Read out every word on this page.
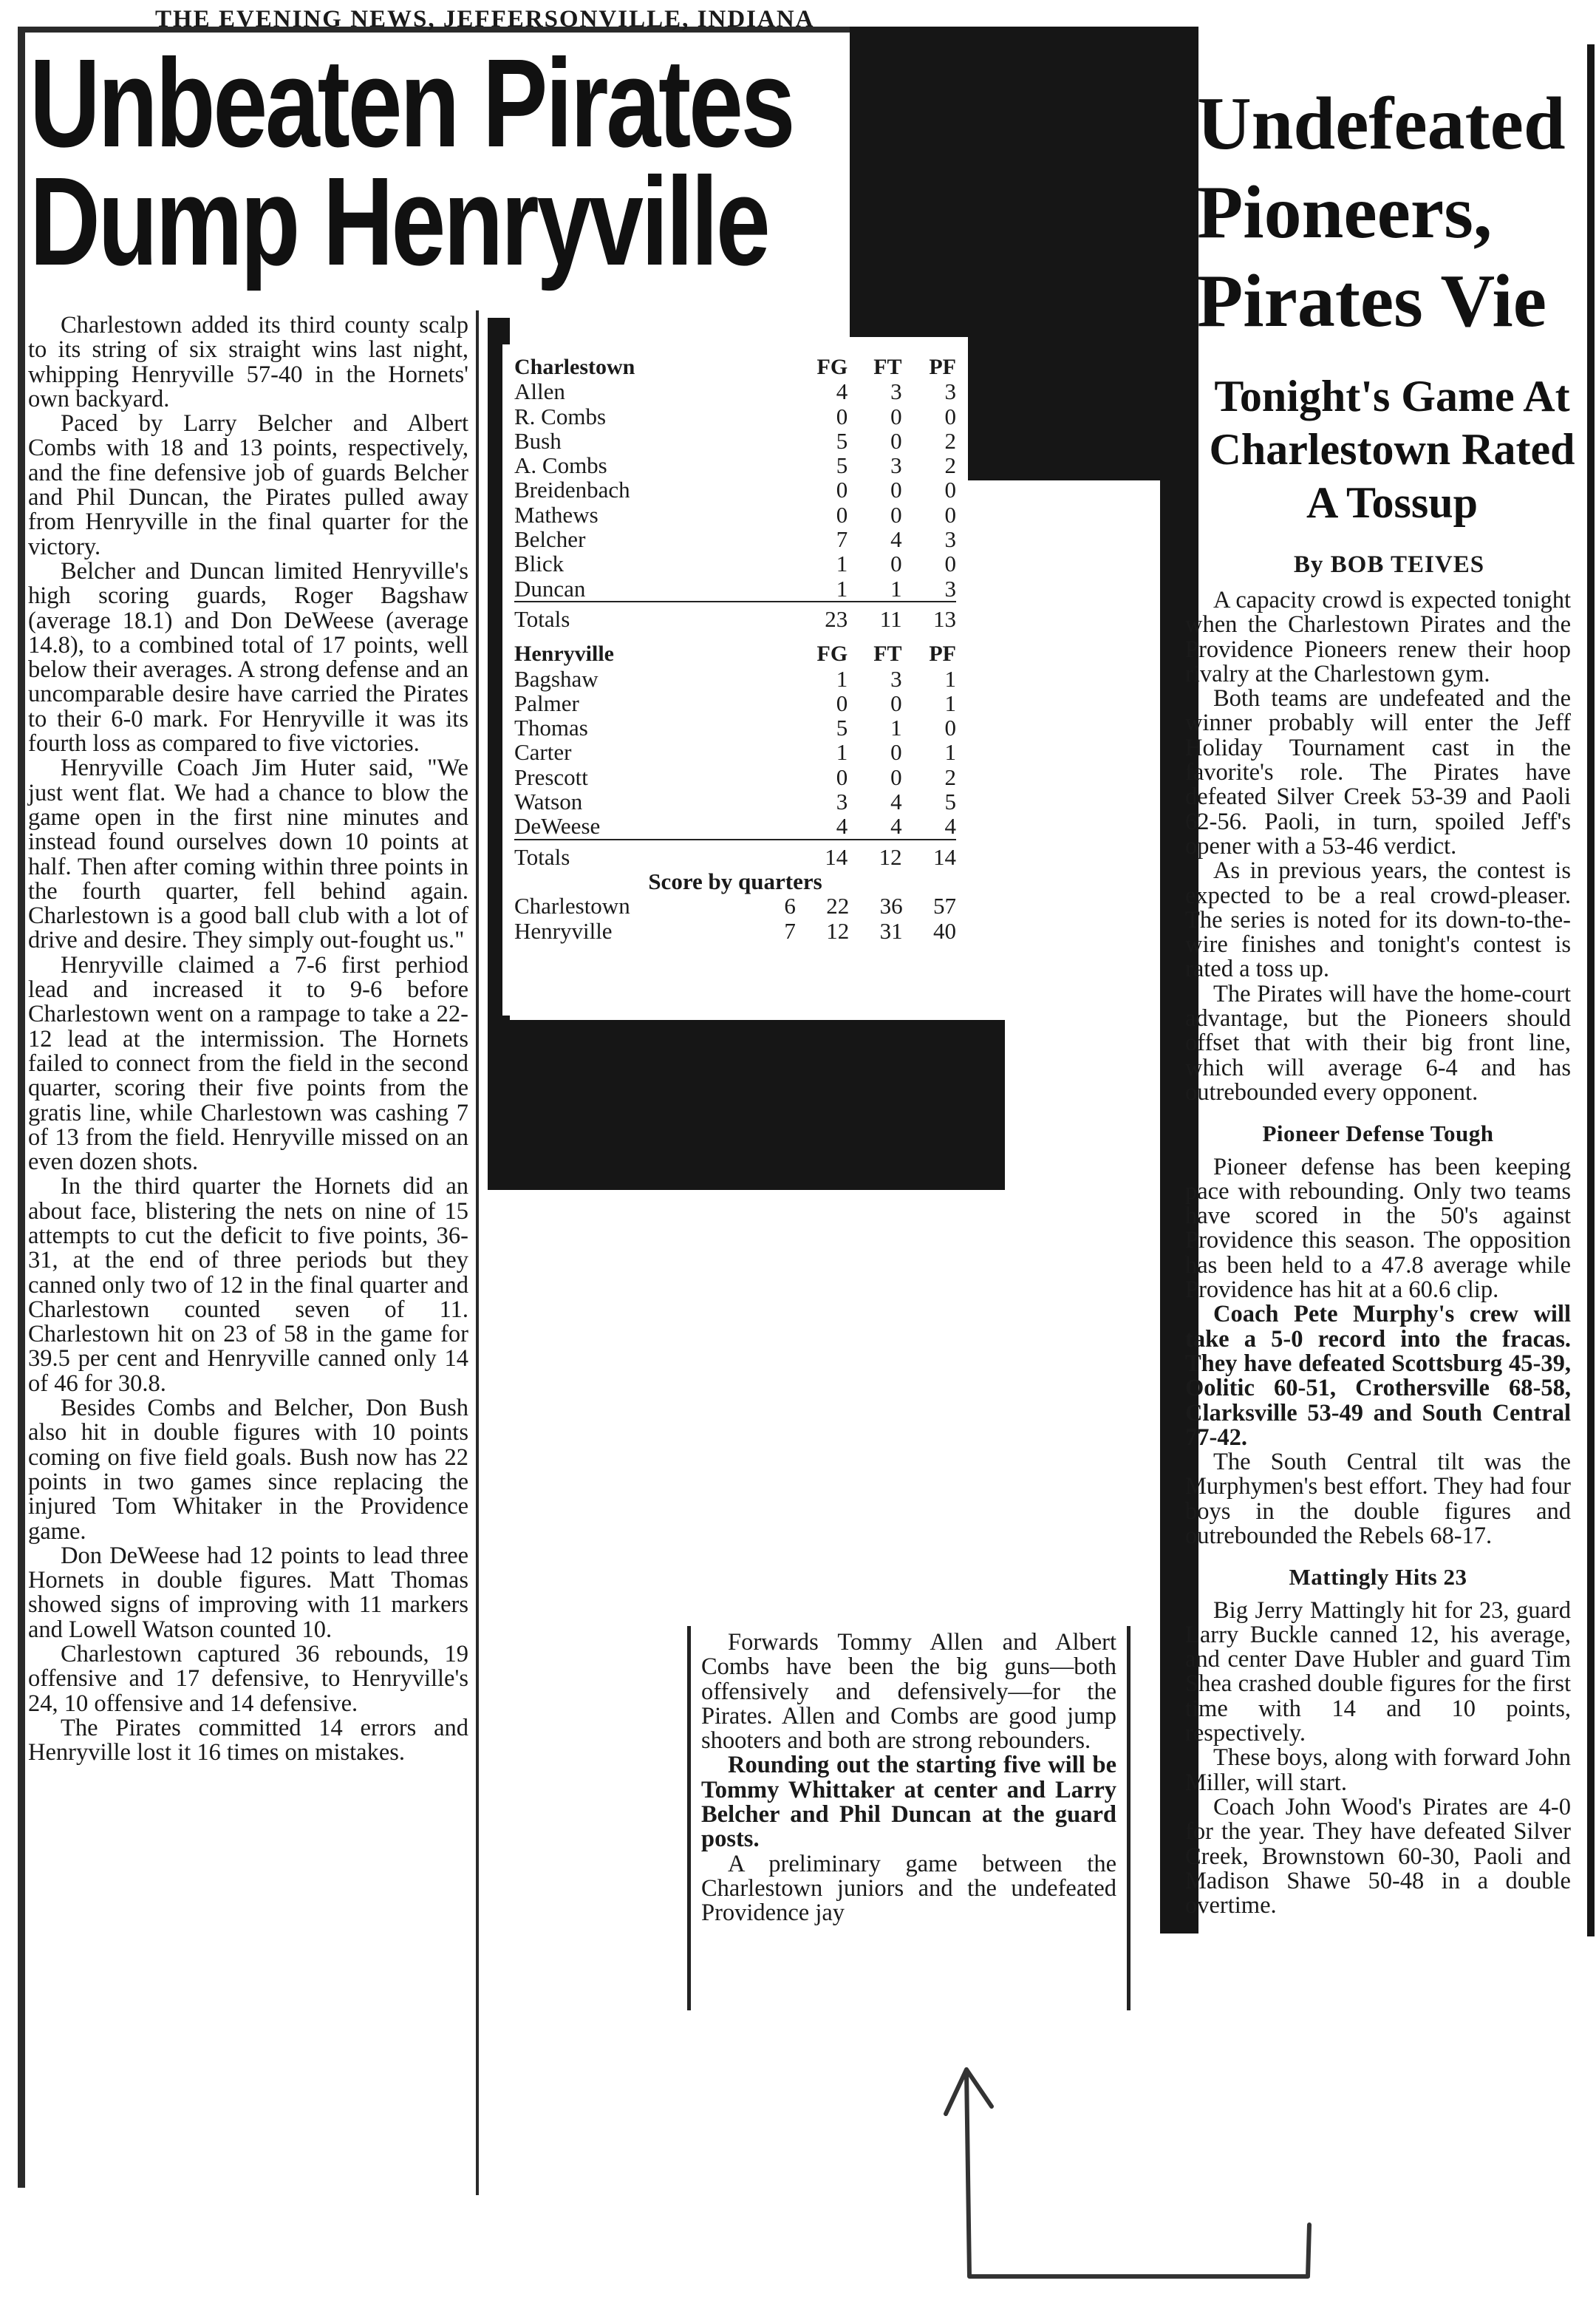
THE EVENING NEWS, JEFFERSONVILLE, INDIANA
Unbeaten Pirates
Dump Henryville

Charlestown added its third county scalp to its string of six straight wins last night, whipping Henryville 57-40 in the Hornets' own backyard.

Paced by Larry Belcher and Albert Combs with 18 and 13 points, respectively, and the fine defensive job of guards Belcher and Phil Duncan, the Pirates pulled away from Henryville in the final quarter for the victory.

Belcher and Duncan limited Henryville's high scoring guards, Roger Bagshaw (average 18.1) and Don DeWeese (average 14.8), to a combined total of 17 points, well below their averages. A strong defense and an uncomparable desire have carried the Pirates to their 6-0 mark. For Henryville it was its fourth loss as compared to five victories.

Henryville Coach Jim Huter said, "We just went flat. We had a chance to blow the game open in the first nine minutes and instead found ourselves down 10 points at half. Then after coming within three points in the fourth quarter, fell behind again. Charlestown is a good ball club with a lot of drive and desire. They simply out-fought us."

Henryville claimed a 7-6 first perhiod lead and increased it to 9-6 before Charlestown went on a rampage to take a 22-12 lead at the intermission. The Hornets failed to connect from the field in the second quarter, scoring their five points from the gratis line, while Charlestown was cashing 7 of 13 from the field. Henryville missed on an even dozen shots.

In the third quarter the Hornets did an about face, blistering the nets on nine of 15 attempts to cut the deficit to five points, 36-31, at the end of three periods but they canned only two of 12 in the final quarter and Charlestown counted seven of 11. Charlestown hit on 23 of 58 in the game for 39.5 per cent and Henryville canned only 14 of 46 for 30.8.

Besides Combs and Belcher, Don Bush also hit in double figures with 10 points coming on five field goals. Bush now has 22 points in two games since replacing the injured Tom Whitaker in the Providence game.

Don DeWeese had 12 points to lead three Hornets in double figures. Matt Thomas showed signs of improving with 11 markers and Lowell Watson counted 10.

Charlestown captured 36 rebounds, 19 offensive and 17 defensive, to Henryville's 24, 10 offensive and 14 defensive.

The Pirates committed 14 errors and Henryville lost it 16 times on mistakes.

Charlestown	FG	FT	PF
Allen	4	3	3
R. Combs	0	0	0
Bush	5	0	2
A. Combs	5	3	2
Breidenbach	0	0	0
Mathews	0	0	0
Belcher	7	4	3
Blick	1	0	0
Duncan	1	1	3
Totals	23	11	13

Henryville	FG	FT	PF
Bagshaw	1	3	1
Palmer	0	0	1
Thomas	5	1	0
Carter	1	0	1
Prescott	0	0	2
Watson	3	4	5
DeWeese	4	4	4
Totals	14	12	14
Score by quarters			
Charlestown	6	22	36	57
Henryville	7	12	31	40

Forwards Tommy Allen and Albert Combs have been the big guns—both offensively and defensively—for the Pirates. Allen and Combs are good jump shooters and both are strong rebounders.

Rounding out the starting five will be Tommy Whittaker at center and Larry Belcher and Phil Duncan at the guard posts.

A preliminary game between the Charlestown juniors and the undefeated Providence jay

Undefeated Pioneers, Pirates Vie
Tonight's Game At Charlestown Rated A Tossup
By BOB TEIVES

A capacity crowd is expected tonight when the Charlestown Pirates and the Providence Pioneers renew their hoop rivalry at the Charlestown gym.

Both teams are undefeated and the winner probably will enter the Jeff Holiday Tournament cast in the favorite's role. The Pirates have defeated Silver Creek 53-39 and Paoli 62-56. Paoli, in turn, spoiled Jeff's opener with a 53-46 verdict.

As in previous years, the contest is expected to be a real crowd-pleaser. The series is noted for its down-to-the-wire finishes and tonight's contest is rated a toss up.

The Pirates will have the home-court advantage, but the Pioneers should offset that with their big front line, which will average 6-4 and has outrebounded every opponent.

Pioneer Defense Tough

Pioneer defense has been keeping pace with rebounding. Only two teams have scored in the 50's against Providence this season. The opposition has been held to a 47.8 average while Providence has hit at a 60.6 clip.

Coach Pete Murphy's crew will take a 5-0 record into the fracas. They have defeated Scottsburg 45-39, Oolitic 60-51, Crothersville 68-58, Clarksville 53-49 and South Central 77-42.

The South Central tilt was the Murphymen's best effort. They had four boys in the double figures and outrebounded the Rebels 68-17.

Mattingly Hits 23

Big Jerry Mattingly hit for 23, guard Larry Buckle canned 12, his average, and center Dave Hubler and guard Tim Shea crashed double figures for the first time with 14 and 10 points, respectively.

These boys, along with forward John Miller, will start.

Coach John Wood's Pirates are 4-0 for the year. They have defeated Silver Creek, Brownstown 60-30, Paoli and Madison Shawe 50-48 in a double overtime.
